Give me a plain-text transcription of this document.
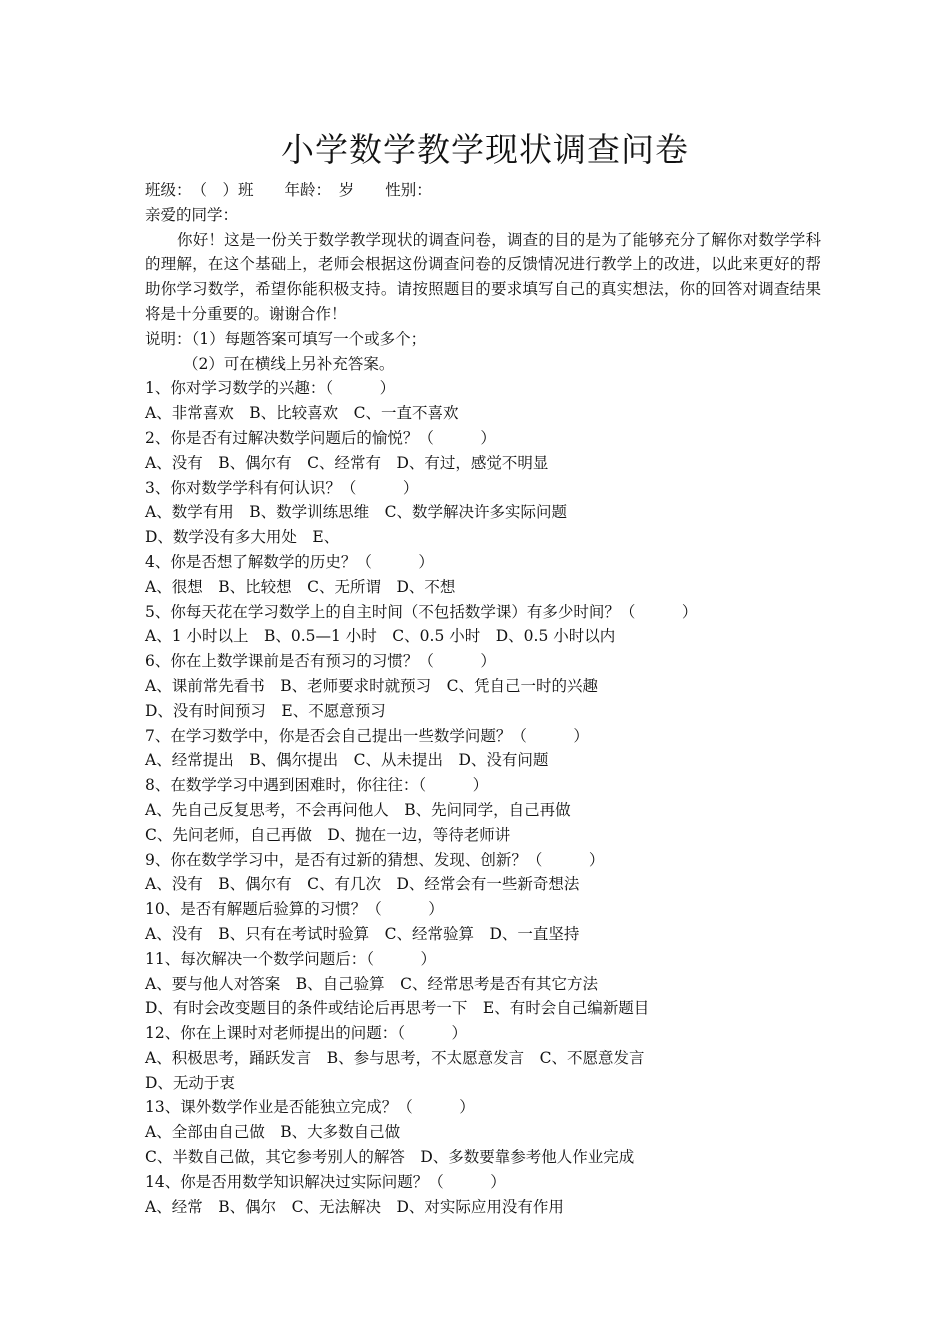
小学数学教学现状调查问卷
班级：　（　）班　　年龄：　岁　　性别：
亲爱的同学：
你好！这是一份关于数学教学现状的调查问卷，调查的目的是为了能够充分了解你对数学学科的理解，在这个基础上，老师会根据这份调查问卷的反馈情况进行教学上的改进，以此来更好的帮助你学习数学，希望你能积极支持。请按照题目的要求填写自己的真实想法，你的回答对调查结果将是十分重要的。谢谢合作！
说明：（1）每题答案可填写一个或多个；
（2）可在横线上另补充答案。
1、你对学习数学的兴趣：（　　　）
A、非常喜欢　B、比较喜欢　C、一直不喜欢
2、你是否有过解决数学问题后的愉悦？（　　　）
A、没有　B、偶尔有　C、经常有　D、有过，感觉不明显
3、你对数学学科有何认识？（　　　）
A、数学有用　B、数学训练思维　C、数学解决许多实际问题
D、数学没有多大用处　E、
4、你是否想了解数学的历史？（　　　）
A、很想　B、比较想　C、无所谓　D、不想
5、你每天花在学习数学上的自主时间（不包括数学课）有多少时间？（　　　）
A、1 小时以上　B、0.5—1 小时　C、0.5 小时　D、0.5 小时以内
6、你在上数学课前是否有预习的习惯？（　　　）
A、课前常先看书　B、老师要求时就预习　C、凭自己一时的兴趣
D、没有时间预习　E、不愿意预习
7、在学习数学中，你是否会自己提出一些数学问题？（　　　）
A、经常提出　B、偶尔提出　C、从未提出　D、没有问题
8、在数学学习中遇到困难时，你往往：（　　　）
A、先自己反复思考，不会再问他人　B、先问同学，自己再做
C、先问老师，自己再做　D、抛在一边，等待老师讲
9、你在数学学习中，是否有过新的猜想、发现、创新？（　　　）
A、没有　B、偶尔有　C、有几次　D、经常会有一些新奇想法
10、是否有解题后验算的习惯？（　　　）
A、没有　B、只有在考试时验算　C、经常验算　D、一直坚持
11、每次解决一个数学问题后：（　　　）
A、要与他人对答案　B、自己验算　C、经常思考是否有其它方法
D、有时会改变题目的条件或结论后再思考一下　E、有时会自己编新题目
12、你在上课时对老师提出的问题：（　　　）
A、积极思考，踊跃发言　B、参与思考，不太愿意发言　C、不愿意发言
D、无动于衷
13、课外数学作业是否能独立完成？（　　　）
A、全部由自己做　B、大多数自己做
C、半数自己做，其它参考别人的解答　D、多数要靠参考他人作业完成
14、你是否用数学知识解决过实际问题？（　　　）
A、经常　B、偶尔　C、无法解决　D、对实际应用没有作用
